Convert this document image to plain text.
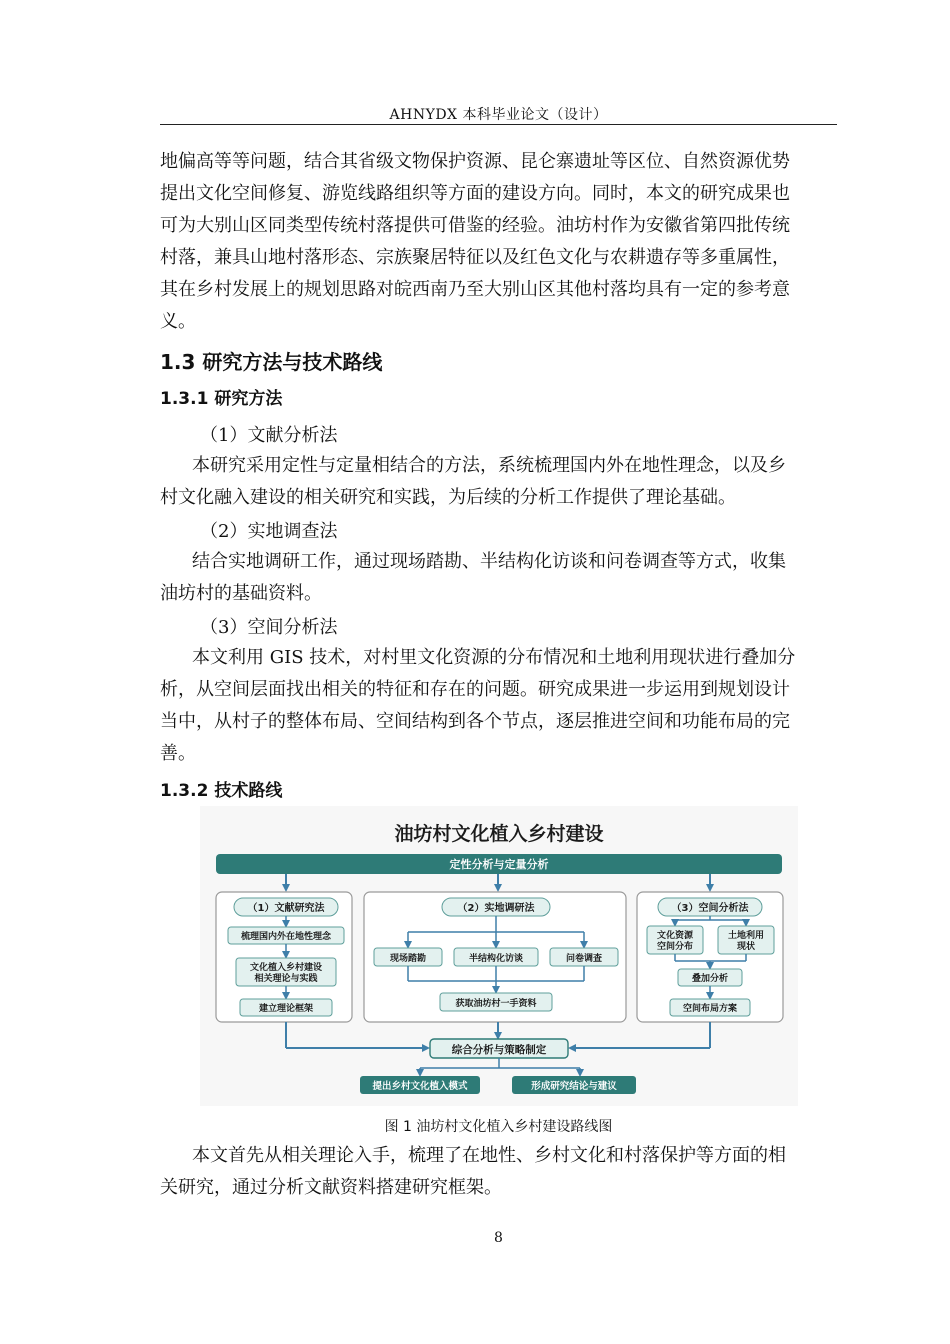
AHNYDX 本科毕业论文（设计）

地偏高等等问题，结合其省级文物保护资源、昆仑寨遗址等区位、自然资源优势
提出文化空间修复、游览线路组织等方面的建设方向。同时，本文的研究成果也
可为大别山区同类型传统村落提供可借鉴的经验。油坊村作为安徽省第四批传统
村落，兼具山地村落形态、宗族聚居特征以及红色文化与农耕遗存等多重属性，
其在乡村发展上的规划思路对皖西南乃至大别山区其他村落均具有一定的参考意
义。

1.3 研究方法与技术路线
1.3.1 研究方法

（1）文献分析法

本研究采用定性与定量相结合的方法，系统梳理国内外在地性理念，以及乡
村文化融入建设的相关研究和实践，为后续的分析工作提供了理论基础。

（2）实地调查法

结合实地调研工作，通过现场踏勘、半结构化访谈和问卷调查等方式，收集
油坊村的基础资料。

（3）空间分析法

本文利用 GIS 技术，对村里文化资源的分布情况和土地利用现状进行叠加分
析，从空间层面找出相关的特征和存在的问题。研究成果进一步运用到规划设计
当中，从村子的整体布局、空间结构到各个节点，逐层推进空间和功能布局的完
善。

1.3.2 技术路线
油坊村文化植入乡村建设
定性分析与定量分析
（1）文献研究法
梳理国内外在地性理念
文化植入乡村建设
相关理论与实践
建立理论框架
（2）实地调研法
现场踏勘	半结构化访谈	问卷调查
获取油坊村一手资料
（3）空间分析法
文化资源
空间分布
土地利用
现状
叠加分析
空间布局方案
综合分析与策略制定
提出乡村文化植入模式	形成研究结论与建议
图 1 油坊村文化植入乡村建设路线图

本文首先从相关理论入手，梳理了在地性、乡村文化和村落保护等方面的相
关研究，通过分析文献资料搭建研究框架。

8
